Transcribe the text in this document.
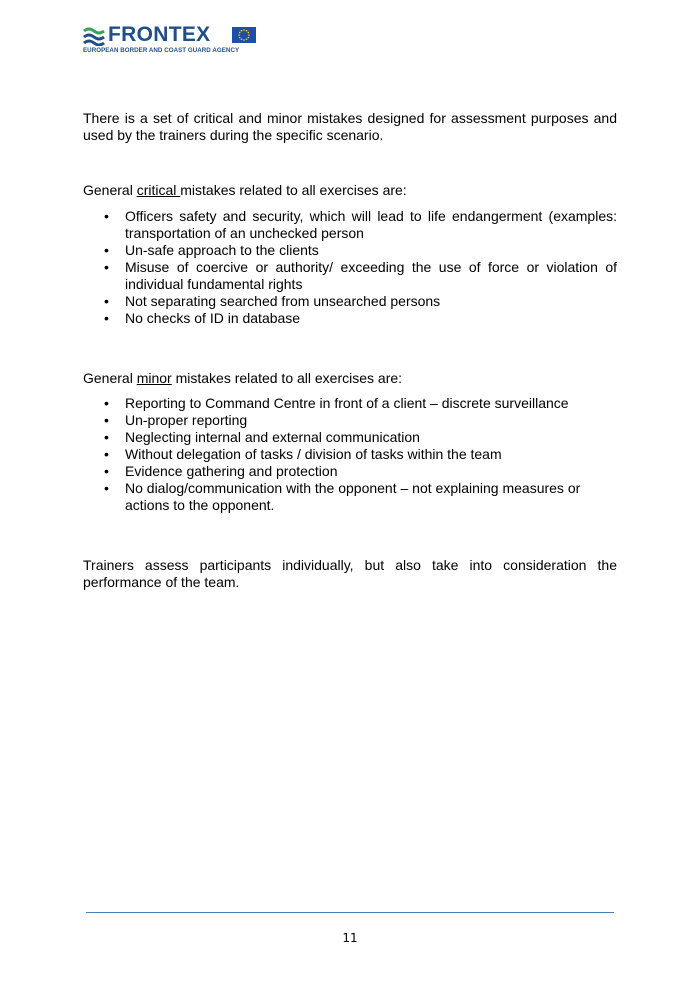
FRONTEX
EUROPEAN BORDER AND COAST GUARD AGENCY

There is a set of critical and minor mistakes designed for assessment purposes and

used by the trainers during the specific scenario.

General critical mistakes related to all exercises are:

• Officers safety and security, which will lead to life endangerment (examples: transportation of an unchecked person
• Un-safe approach to the clients
• Misuse of coercive or authority/ exceeding the use of force or violation of individual fundamental rights
• Not separating searched from unsearched persons
• No checks of ID in database

General minor mistakes related to all exercises are:

• Reporting to Command Centre in front of a client – discrete surveillance
• Un-proper reporting
• Neglecting internal and external communication
• Without delegation of tasks / division of tasks within the team
• Evidence gathering and protection
• No dialog/communication with the opponent – not explaining measures or actions to the opponent.

Trainers assess participants individually, but also take into consideration the

performance of the team.

11
